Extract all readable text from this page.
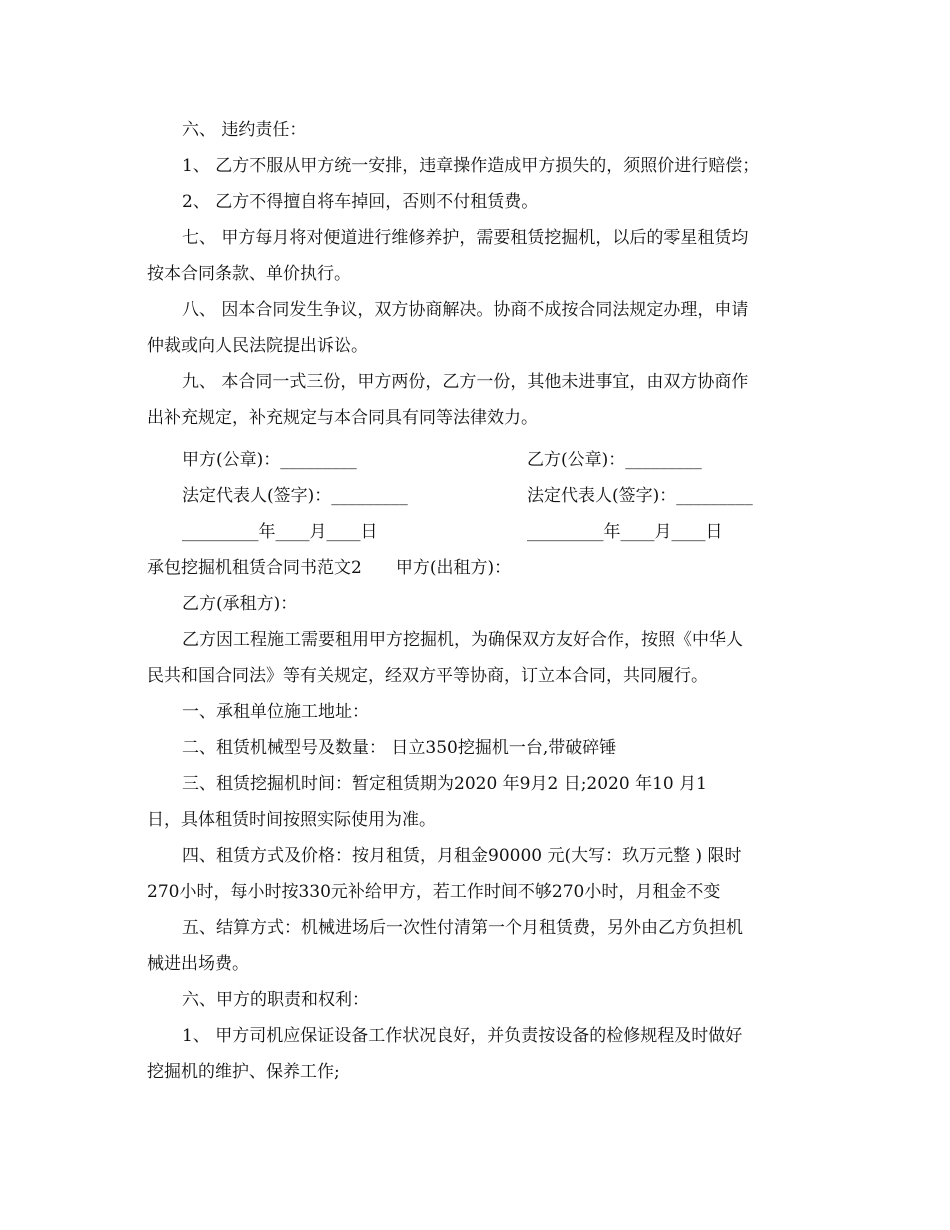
六、 违约责任：
1、 乙方不服从甲方统一安排，违章操作造成甲方损失的，须照价进行赔偿；
2、 乙方不得擅自将车掉回，否则不付租赁费。
七、 甲方每月将对便道进行维修养护，需要租赁挖掘机，以后的零星租赁均
按本合同条款、单价执行。
八、 因本合同发生争议，双方协商解决。协商不成按合同法规定办理，申请
仲裁或向人民法院提出诉讼。
九、 本合同一式三份，甲方两份，乙方一份，其他未进事宜，由双方协商作
出补充规定，补充规定与本合同具有同等法律效力。
甲方(公章)：_________	乙方(公章)：_________
法定代表人(签字)：_________	法定代表人(签字)：_________
_________年____月____日	_________年____月____日
承包挖掘机租赁合同书范文2　　甲方(出租方)：
乙方(承租方)：
乙方因工程施工需要租用甲方挖掘机，为确保双方友好合作，按照《中华人
民共和国合同法》等有关规定，经双方平等协商，订立本合同，共同履行。
一、承租单位施工地址：
二、租赁机械型号及数量： 日立350挖掘机一台,带破碎锤
三、租赁挖掘机时间：暂定租赁期为2020 年9月2 日;2020 年10 月1
日，具体租赁时间按照实际使用为准。
四、租赁方式及价格：按月租赁，月租金90000 元(大写：玖万元整 ) 限时
270小时，每小时按330元补给甲方，若工作时间不够270小时，月租金不变
五、结算方式：机械进场后一次性付清第一个月租赁费，另外由乙方负担机
械进出场费。
六、甲方的职责和权利：
1、 甲方司机应保证设备工作状况良好，并负责按设备的检修规程及时做好
挖掘机的维护、保养工作;
